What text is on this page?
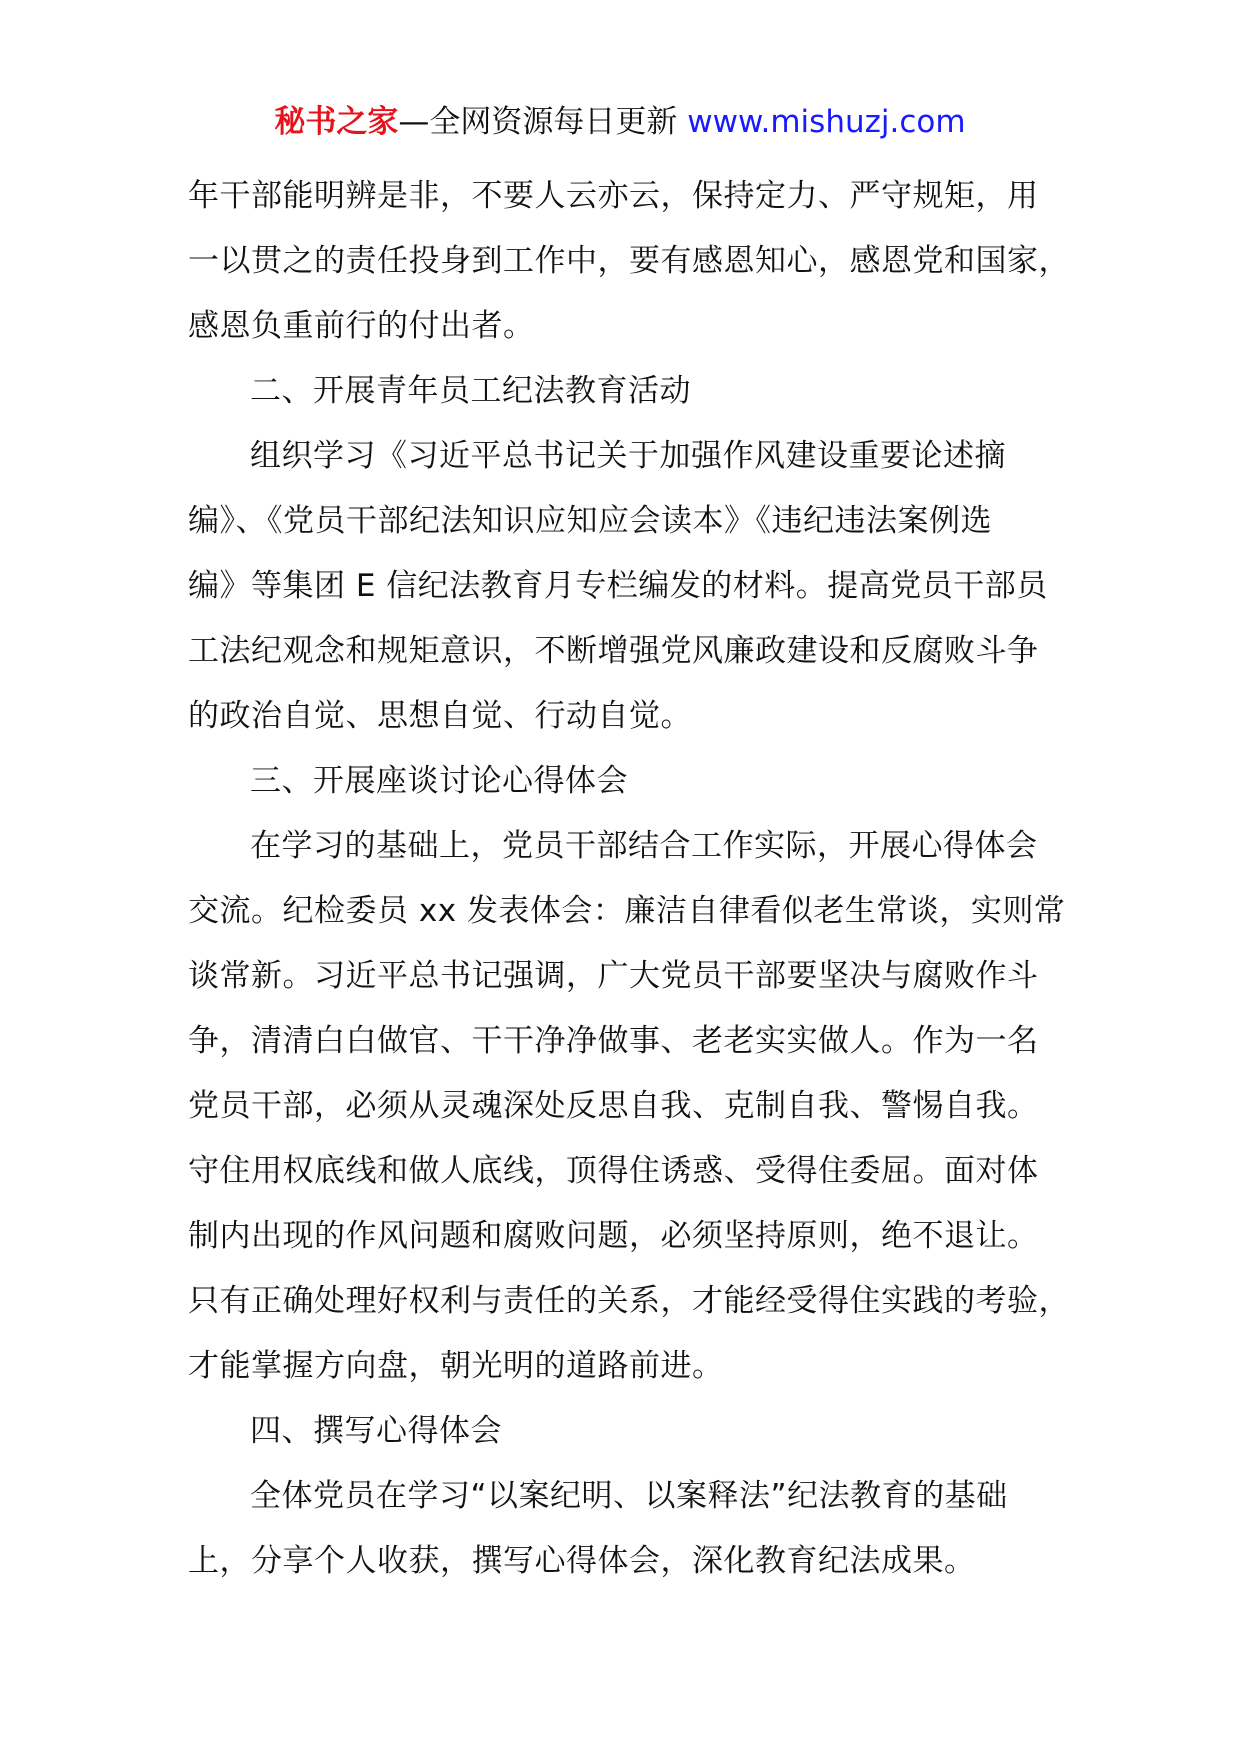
秘书之家—全网资源每日更新 www.mishuzj.com
年干部能明辨是非，不要人云亦云，保持定力、严守规矩，用
一以贯之的责任投身到工作中，要有感恩知心，感恩党和国家，
感恩负重前行的付出者。
二、开展青年员工纪法教育活动
组织学习《习近平总书记关于加强作风建设重要论述摘
编》、《党员干部纪法知识应知应会读本》《违纪违法案例选
编》等集团 E 信纪法教育月专栏编发的材料。提高党员干部员
工法纪观念和规矩意识，不断增强党风廉政建设和反腐败斗争
的政治自觉、思想自觉、行动自觉。
三、开展座谈讨论心得体会
在学习的基础上，党员干部结合工作实际，开展心得体会
交流。纪检委员 xx 发表体会：廉洁自律看似老生常谈，实则常
谈常新。习近平总书记强调，广大党员干部要坚决与腐败作斗
争，清清白白做官、干干净净做事、老老实实做人。作为一名
党员干部，必须从灵魂深处反思自我、克制自我、警惕自我。
守住用权底线和做人底线，顶得住诱惑、受得住委屈。面对体
制内出现的作风问题和腐败问题，必须坚持原则，绝不退让。
只有正确处理好权利与责任的关系，才能经受得住实践的考验，
才能掌握方向盘，朝光明的道路前进。
四、撰写心得体会
全体党员在学习“以案纪明、以案释法”纪法教育的基础
上，分享个人收获，撰写心得体会，深化教育纪法成果。
